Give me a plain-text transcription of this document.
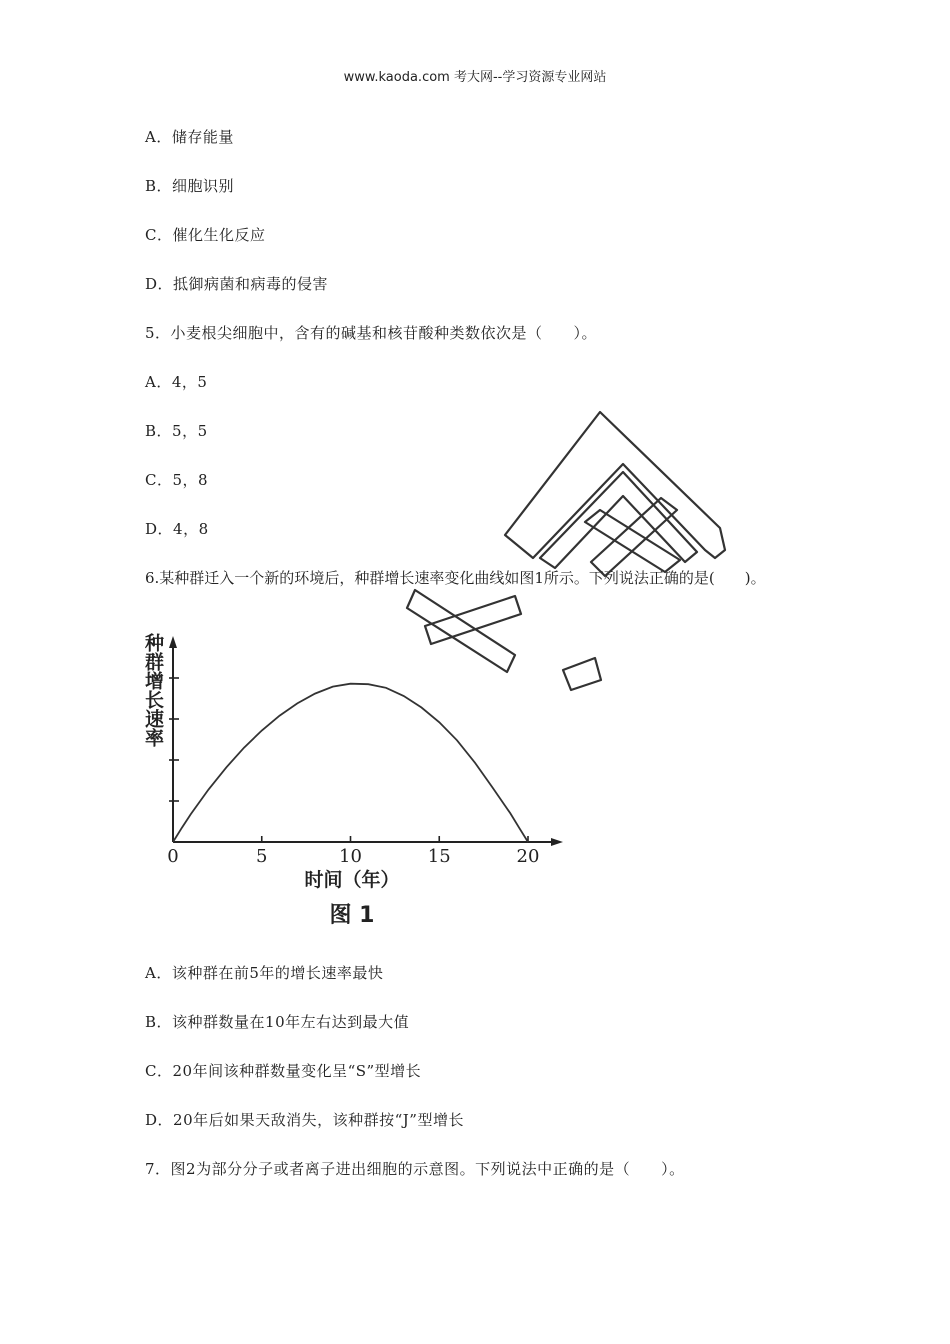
www.kaoda.com 考大网--学习资源专业网站
A．储存能量
B．细胞识别
C．催化生化反应
D．抵御病菌和病毒的侵害
5．小麦根尖细胞中，含有的碱基和核苷酸种类数依次是（　　）。
A．4，5
B．5，5
C．5，8
D．4，8
6.某种群迁入一个新的环境后，种群增长速率变化曲线如图1所示。下列说法正确的是(　　)。
种群增长速率
0	5	10	15	20
时间（年）
图 1
A．该种群在前5年的增长速率最快
B．该种群数量在10年左右达到最大值
C．20年间该种群数量变化呈“S”型增长
D．20年后如果天敌消失，该种群按“J”型增长
7．图2为部分分子或者离子进出细胞的示意图。下列说法中正确的是（　　）。
